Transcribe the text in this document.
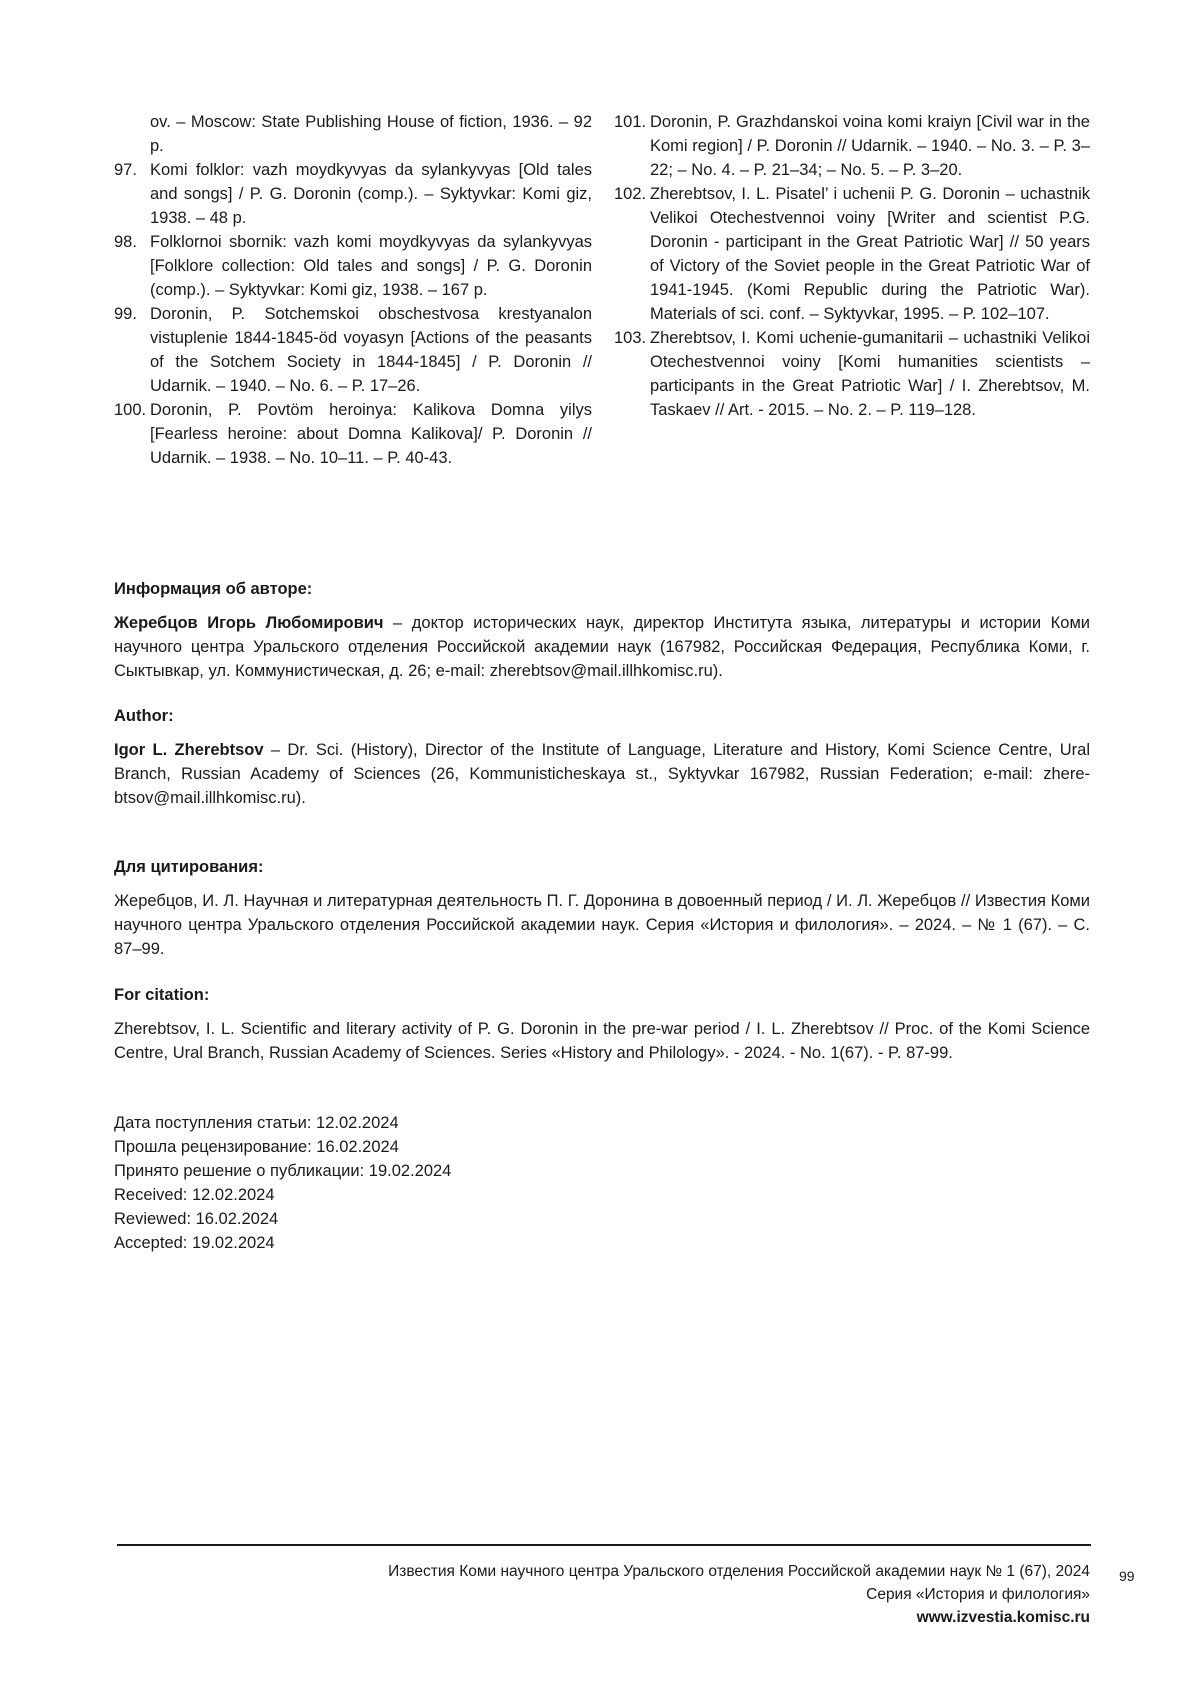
ov. – Moscow: State Publishing House of fiction, 1936. – 92 p.
97. Komi folklor: vazh moydkyvyas da sylankyvyas [Old tales and songs] / P. G. Doronin (comp.). – Syktyvkar: Komi giz, 1938. – 48 p.
98. Folklornoi sbornik: vazh komi moydkyvyas da sylankyvy­as [Folklore collection: Old tales and songs] / P. G. Dor­onin (comp.). – Syktyvkar: Komi giz, 1938. – 167 p.
99. Doronin, P. Sotchemskoi obschestvosa krestyanalon vistuplenie 1844-1845-öd voyasyn [Actions of the peas­ants of the Sotchem Society in 1844-1845] / P. Doronin // Udarnik. – 1940. – No. 6. – P. 17–26.
100. Doronin, P. Povtöm heroinya: Kalikova Domna yilys [Fearless heroine: about Domna Kalikova]/ P. Doronin // Udarnik. – 1938. – No. 10–11. – P. 40-43.
101. Doronin, P. Grazhdanskoi voina komi kraiyn [Civil war in the Komi region] / P. Doronin // Udarnik. – 1940. – No. 3. – P. 3–22; – No. 4. – P. 21–34; – No. 5. – P. 3–20.
102. Zherebtsov, I. L. Pisatel’ i uchenii P. G. Doronin – uchast­nik Velikoi Otechestvennoi voiny [Writer and scientist P.G. Doronin - participant in the Great Patriotic War] // 50 years of Victory of the Soviet people in the Great Pa­triotic War of 1941-1945. (Komi Republic during the Patri­otic War). Materials of sci. conf. – Syktyvkar, 1995. – P. 102–107.
103. Zherebtsov, I. Komi uchenie-gumanitarii – uchastniki Velikoi Otechestvennoi voiny [Komi humanities scien­tists – participants in the Great Patriotic War] / I. Zhere­btsov, M. Taskaev // Art. - 2015. – No. 2. – P. 119–128.

Информация об авторе:

Жеребцов Игорь Любомирович – доктор исторических наук, директор Института языка, литературы и истории Коми научного центра Уральского отделения Российской академии наук (167982, Российская Федерация, Республика Коми, г. Сыктывкар, ул. Коммунистическая, д. 26; e-mail: zherebtsov@mail.illhkomisc.ru).

Author:

Igor L. Zherebtsov – Dr. Sci. (History), Director of the Institute of Language, Literature and History, Komi Science Centre, Ural Branch, Russian Academy of Sciences (26, Kommunisticheskaya st., Syktyvkar 167982, Russian Federation; e-mail: zhere­btsov@mail.illhkomisc.ru).

Для цитирования:

Жеребцов, И. Л. Научная и литературная деятельность П. Г. Доронина в довоенный период / И. Л. Жеребцов // Изве­стия Коми научного центра Уральского отделения Российской академии наук. Серия «История и филология». – 2024. – № 1 (67). – С. 87–99.

For citation:

Zherebtsov, I. L. Scientific and literary activity of P. G. Doronin in the pre-war period / I. L. Zherebtsov // Proc. of the Komi Science Centre, Ural Branch, Russian Academy of Sciences. Series «History and Philology». - 2024. - No. 1(67). - P. 87-99.

Дата поступления статьи: 12.02.2024
Прошла рецензирование: 16.02.2024
Принято решение о публикации: 19.02.2024
Received: 12.02.2024
Reviewed: 16.02.2024
Accepted: 19.02.2024
Известия Коми научного центра Уральского отделения Российской академии наук № 1 (67), 2024
Серия «История и филология»
www.izvestia.komisc.ru
99
